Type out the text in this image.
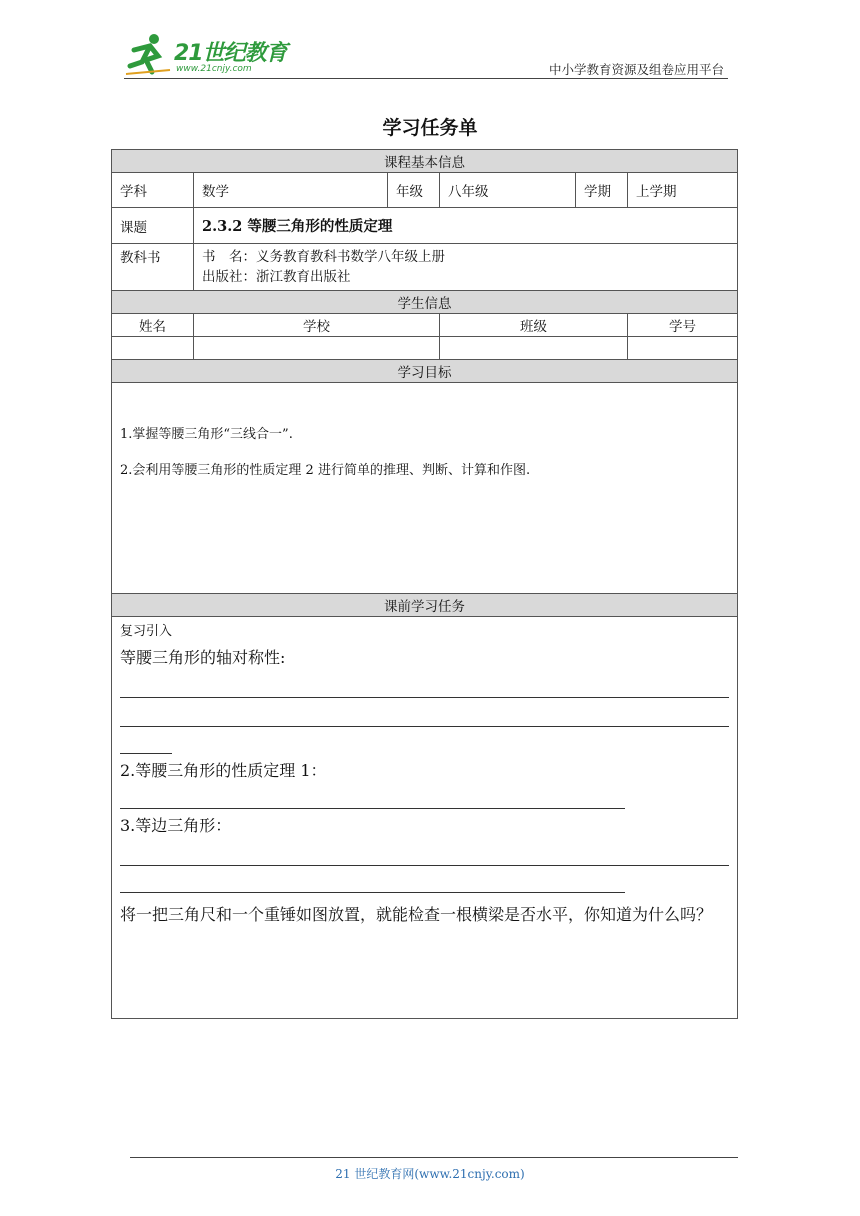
21世纪教育
www.21cnjy.com	中小学教育资源及组卷应用平台
学习任务单
课程基本信息					
学科	数学	年级	八年级	学期	上学期
课题	2.3.2 等腰三角形的性质定理				
教科书	书　名：义务教育教科书数学八年级上册
出版社：浙江教育出版社				

学生信息					
姓名	学校		班级		学号

学习目标					

1.掌握等腰三角形“三线合一”.
2.会利用等腰三角形的性质定理 2 进行简单的推理、判断、计算和作图.					

课前学习任务					

复习引入
等腰三角形的轴对称性:
2.等腰三角形的性质定理 1：
3.等边三角形：
将一把三角尺和一个重锤如图放置，就能检查一根横梁是否水平，你知道为什么吗？					
21 世纪教育网(www.21cnjy.com)
